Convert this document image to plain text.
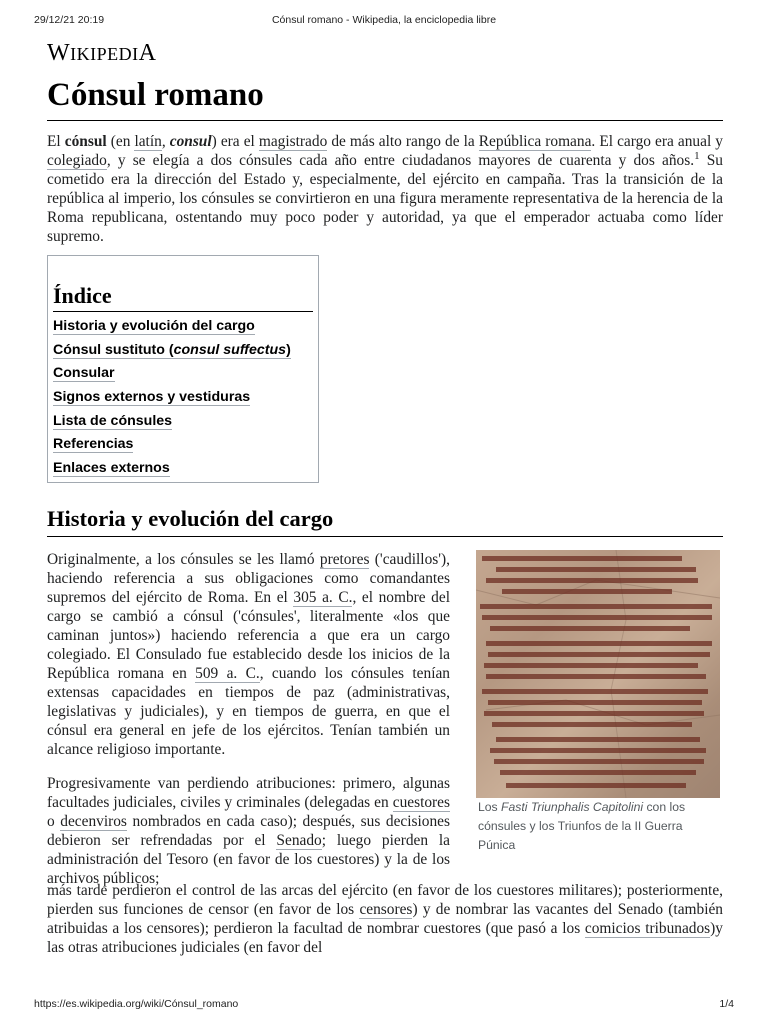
29/12/21 20:19	Cónsul romano - Wikipedia, la enciclopedia libre
WIKIPEDIA
Cónsul romano

El cónsul (en latín, consul) era el magistrado de más alto rango de la República romana. El cargo era anual y colegiado, y se elegía a dos cónsules cada año entre ciudadanos mayores de cuarenta y dos años.$^1$ Su cometido era la dirección del Estado y, especialmente, del ejército en campaña. Tras la transición de la república al imperio, los cónsules se convirtieron en una figura meramente representativa de la herencia de la Roma republicana, ostentando muy poco poder y autoridad, ya que el emperador actuaba como líder supremo.

Índice
Historia y evolución del cargo
Cónsul sustituto (consul suffectus)
Consular
Signos externos y vestiduras
Lista de cónsules
Referencias
Enlaces externos
Historia y evolución del cargo

Originalmente, a los cónsules se les llamó pretores ('caudillos'), haciendo referencia a sus obligaciones como comandantes supremos del ejército de Roma. En el 305 a. C., el nombre del cargo se cambió a cónsul ('cónsules', literalmente «los que caminan juntos») haciendo referencia a que era un cargo colegiado. El Consulado fue establecido desde los inicios de la República romana en 509 a. C., cuando los cónsules tenían extensas capacidades en tiempos de paz (administrativas, legislativas y judiciales), y en tiempos de guerra, en que el cónsul era general en jefe de los ejércitos. Tenían también un alcance religioso importante.

Progresivamente van perdiendo atribuciones: primero, algunas facultades judiciales, civiles y criminales (delegadas en cuestores o decenviros nombrados en cada caso); después, sus decisiones debieron ser refrendadas por el Senado; luego pierden la administración del Tesoro (en favor de los cuestores) y la de los archivos públicos;

más tarde perdieron el control de las arcas del ejército (en favor de los cuestores militares); posteriormente, pierden sus funciones de censor (en favor de los censores) y de nombrar las vacantes del Senado (también atribuidas a los censores); perdieron la facultad de nombrar cuestores (que pasó a los comicios tribunados)y las otras atribuciones judiciales (en favor del

Los Fasti Triunphalis Capitolini con los cónsules y los Triunfos de la II Guerra Púnica
https://es.wikipedia.org/wiki/Cónsul_romano	1/4
